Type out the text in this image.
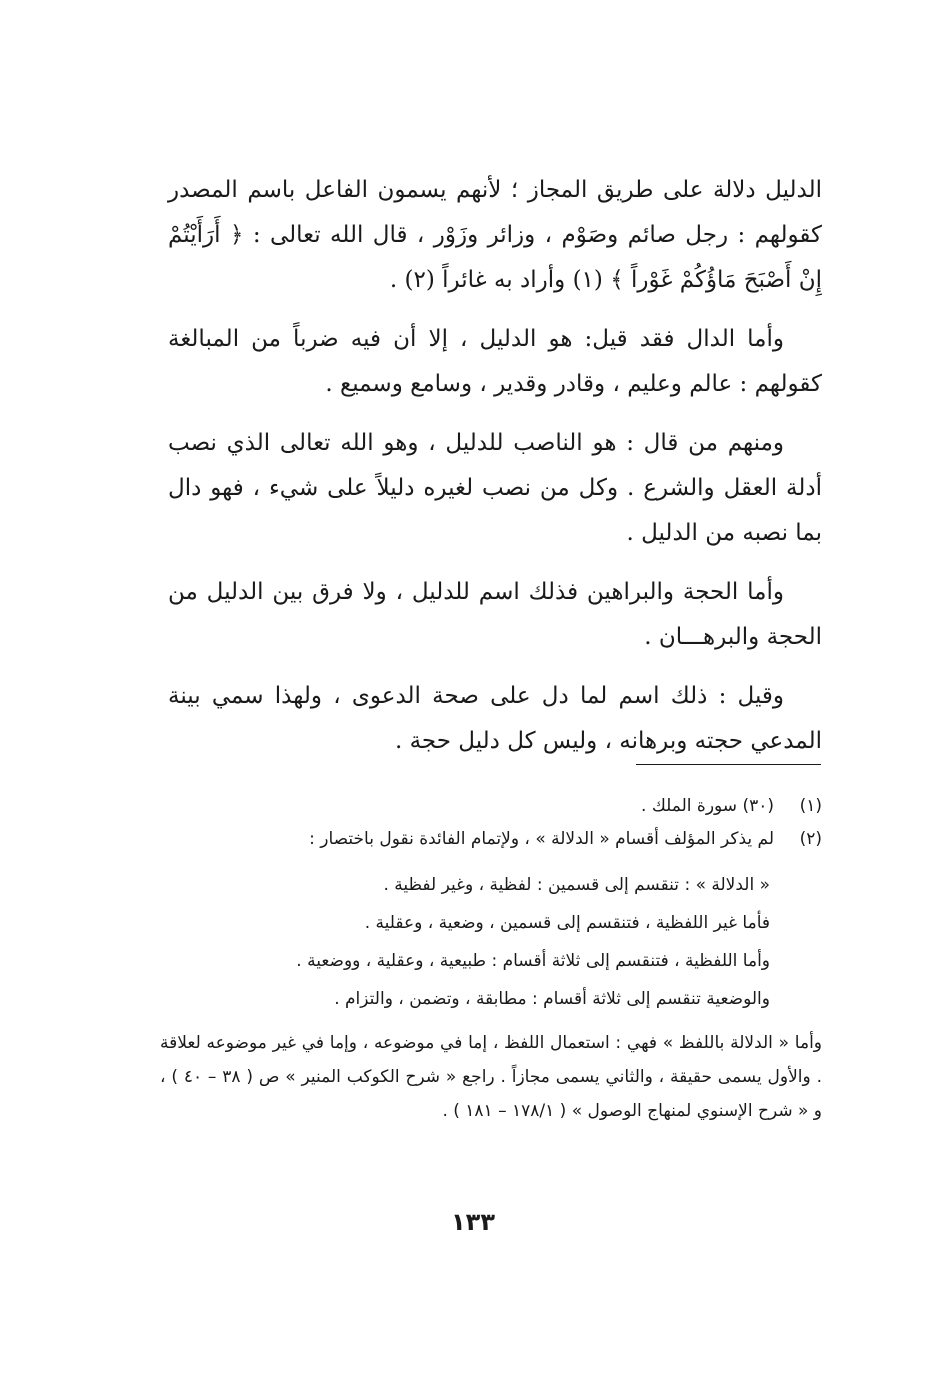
الدليل دلالة على طريق المجاز ؛ لأنهم يسمون الفاعل باسم المصدر كقولهم : رجل صائم وصَوْم ، وزائر وزَوْر ، قال الله تعالى : ﴿ أَرَأَيْتُمْ إِنْ أَصْبَحَ مَاؤُكُمْ غَوْراً ﴾ (١) وأراد به غائراً (٢) .

وأما الدال فقد قيل: هو الدليل ، إلا أن فيه ضرباً من المبالغة كقولهم : عالم وعليم ، وقادر وقدير ، وسامع وسميع .

ومنهم من قال : هو الناصب للدليل ، وهو الله تعالى الذي نصب أدلة العقل والشرع . وكل من نصب لغيره دليلاً على شيء ، فهو دال بما نصبه من الدليل .

وأما الحجة والبراهين فذلك اسم للدليل ، ولا فرق بين الدليل من الحجة والبرهـــان .

وقيل : ذلك اسم لما دل على صحة الدعوى ، ولهذا سمي بينة المدعي حجته وبرهانه ، وليس كل دليل حجة .

(١)
(٣٠) سورة الملك .
(٢)
لم يذكر المؤلف أقسام « الدلالة » ، ولإتمام الفائدة نقول باختصار :
« الدلالة » : تنقسم إلى قسمين : لفظية ، وغير لفظية .
فأما غير اللفظية ، فتنقسم إلى قسمين ، وضعية ، وعقلية .
وأما اللفظية ، فتنقسم إلى ثلاثة أقسام : طبيعية ، وعقلية ، ووضعية .
والوضعية تنقسم إلى ثلاثة أقسام : مطابقة ، وتضمن ، والتزام .
وأما « الدلالة باللفظ » فهي : استعمال اللفظ ، إما في موضوعه ، وإما في غير موضوعه لعلاقة . والأول يسمى حقيقة ، والثاني يسمى مجازاً . راجع « شرح الكوكب المنير » ص ( ٣٨ – ٤٠ ) ، و « شرح الإسنوي لمنهاج الوصول » ( ١٧٨/١ – ١٨١ ) .
١٣٣
